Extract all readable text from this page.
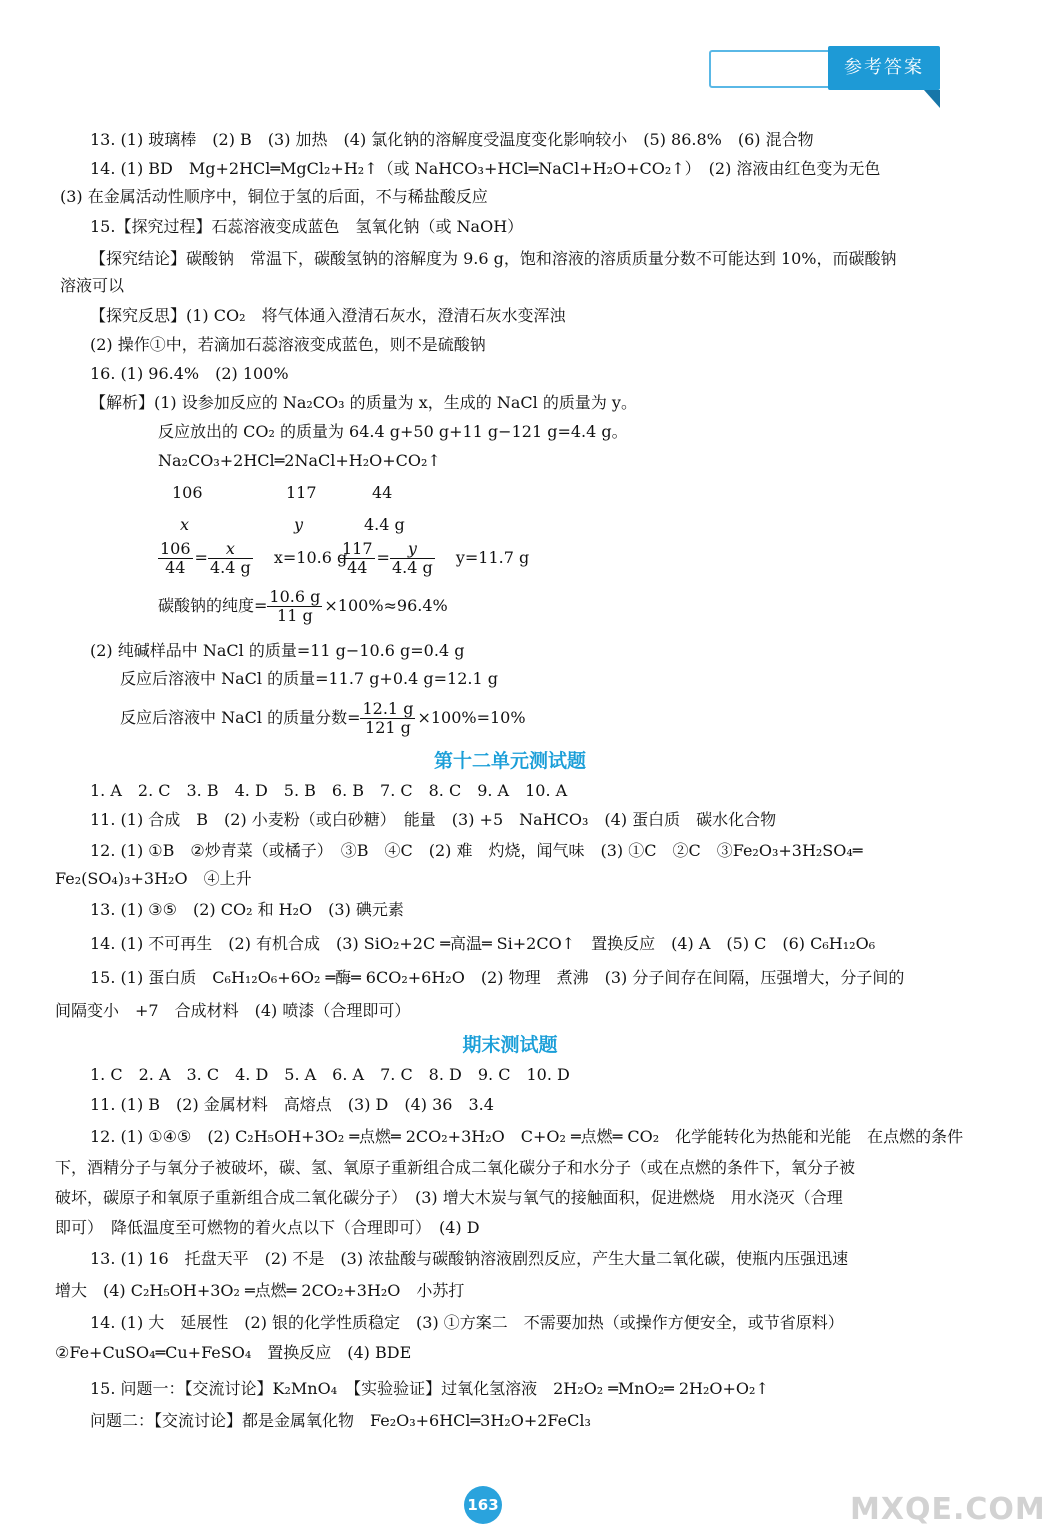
参考答案
13. (1) 玻璃棒　(2) B　(3) 加热　(4) 氯化钠的溶解度受温度变化影响较小　(5) 86.8%　(6) 混合物
14. (1) BD　Mg+2HCl═MgCl₂+H₂↑（或 NaHCO₃+HCl═NaCl+H₂O+CO₂↑）　(2) 溶液由红色变为无色
(3) 在金属活动性顺序中，铜位于氢的后面，不与稀盐酸反应
15.【探究过程】石蕊溶液变成蓝色　氢氧化钠（或 NaOH）
【探究结论】碳酸钠　常温下，碳酸氢钠的溶解度为 9.6 g，饱和溶液的溶质质量分数不可能达到 10%，而碳酸钠
溶液可以
【探究反思】(1) CO₂　将气体通入澄清石灰水，澄清石灰水变浑浊
(2) 操作①中，若滴加石蕊溶液变成蓝色，则不是硫酸钠
16. (1) 96.4%　(2) 100%
【解析】(1) 设参加反应的 Na₂CO₃ 的质量为 x，生成的 NaCl 的质量为 y。
反应放出的 CO₂ 的质量为 64.4 g+50 g+11 g−121 g=4.4 g。
Na₂CO₃+2HCl═2NaCl+H₂O+CO₂↑
106	117	44
x	y	4.4 g
$\frac{106}{44} = \frac{x}{4.4 g} x=10.6$ g
$\frac{117}{44} = \frac{y}{4.4 g} y=11.7$ g
碳酸钠的纯度= $\frac{10.6 g}{11 g} \times 100\%\approx 96.4\%$
(2) 纯碱样品中 NaCl 的质量=11 g−10.6 g=0.4 g
反应后溶液中 NaCl 的质量=11.7 g+0.4 g=12.1 g
反应后溶液中 NaCl 的质量分数= $\frac{12.1 g}{121 g} \times 100\%=10\%$
第十二单元测试题
1. A　2. C　3. B　4. D　5. B　6. B　7. C　8. C　9. A　10. A
11. (1) 合成　B　(2) 小麦粉（或白砂糖）　能量　(3) +5　NaHCO₃　(4) 蛋白质　碳水化合物
12. (1) ①B　②炒青菜（或橘子）　③B　④C　(2) 难　灼烧，闻气味　(3) ①C　②C　③Fe₂O₃+3H₂SO₄═
Fe₂(SO₄)₃+3H₂O　④上升
13. (1) ③⑤　(2) CO₂ 和 H₂O　(3) 碘元素
14. (1) 不可再生　(2) 有机合成　(3) SiO₂+2C ═高温═ Si+2CO↑　置换反应　(4) A　(5) C　(6) C₆H₁₂O₆
15. (1) 蛋白质　C₆H₁₂O₆+6O₂ ═酶═ 6CO₂+6H₂O　(2) 物理　煮沸　(3) 分子间存在间隔，压强增大，分子间的
间隔变小　+7　合成材料　(4) 喷漆（合理即可）
期末测试题
1. C　2. A　3. C　4. D　5. A　6. A　7. C　8. D　9. C　10. D
11. (1) B　(2) 金属材料　高熔点　(3) D　(4) 36　3.4
12. (1) ①④⑤　(2) C₂H₅OH+3O₂ ═点燃═ 2CO₂+3H₂O　C+O₂ ═点燃═ CO₂　化学能转化为热能和光能　在点燃的条件
下，酒精分子与氧分子被破坏，碳、氢、氧原子重新组合成二氧化碳分子和水分子（或在点燃的条件下，氧分子被
破坏，碳原子和氧原子重新组合成二氧化碳分子）　(3) 增大木炭与氧气的接触面积，促进燃烧　用水浇灭（合理
即可）　降低温度至可燃物的着火点以下（合理即可）　(4) D
13. (1) 16　托盘天平　(2) 不是　(3) 浓盐酸与碳酸钠溶液剧烈反应，产生大量二氧化碳，使瓶内压强迅速
增大　(4) C₂H₅OH+3O₂ ═点燃═ 2CO₂+3H₂O　小苏打
14. (1) 大　延展性　(2) 银的化学性质稳定　(3) ①方案二　不需要加热（或操作方便安全，或节省原料）
②Fe+CuSO₄═Cu+FeSO₄　置换反应　(4) BDE
15. 问题一：【交流讨论】K₂MnO₄　【实验验证】过氧化氢溶液　2H₂O₂ ═MnO₂═ 2H₂O+O₂↑
问题二：【交流讨论】都是金属氧化物　Fe₂O₃+6HCl═3H₂O+2FeCl₃
163	MXQE.COM
